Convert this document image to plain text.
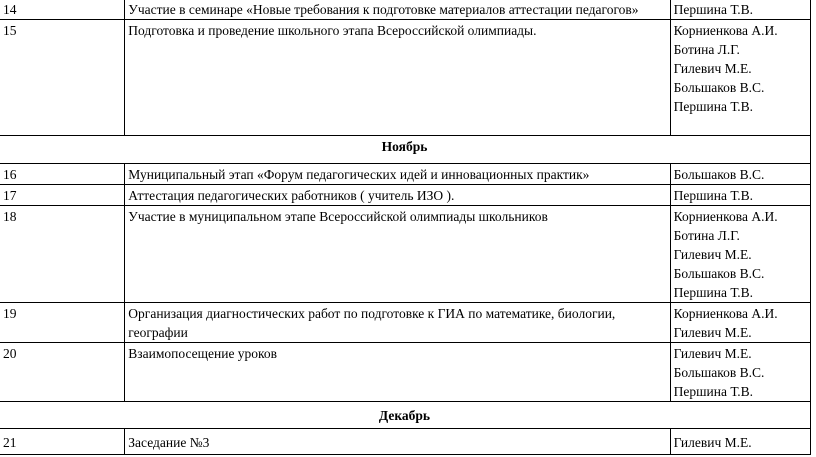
14	Участие в семинаре «Новые требования к подготовке материалов аттестации педагогов»	Першина Т.В.

15	Подготовка и проведение школьного этапа Всероссийской олимпиады.	Корниенкова А.И.
Ботина Л.Г.
Гилевич М.Е.
Большаков В.С.
Першина Т.В.

Ноябрь		
16	Муниципальный этап «Форум педагогических идей и инновационных практик»	Большаков В.С.

17	Аттестация педагогических работников ( учитель ИЗО ).	Першина Т.В.

18	Участие в муниципальном этапе Всероссийской олимпиады школьников	Корниенкова А.И.
Ботина Л.Г.
Гилевич М.Е.
Большаков В.С.
Першина Т.В.

19	Организация диагностических работ по подготовке к ГИА по математике, биологии, географии	Корниенкова А.И.
Гилевич М.Е.

20	Взаимопосещение уроков	Гилевич М.Е.
Большаков В.С.
Першина Т.В.

Декабрь		
21	Заседание №3	Гилевич М.Е.
